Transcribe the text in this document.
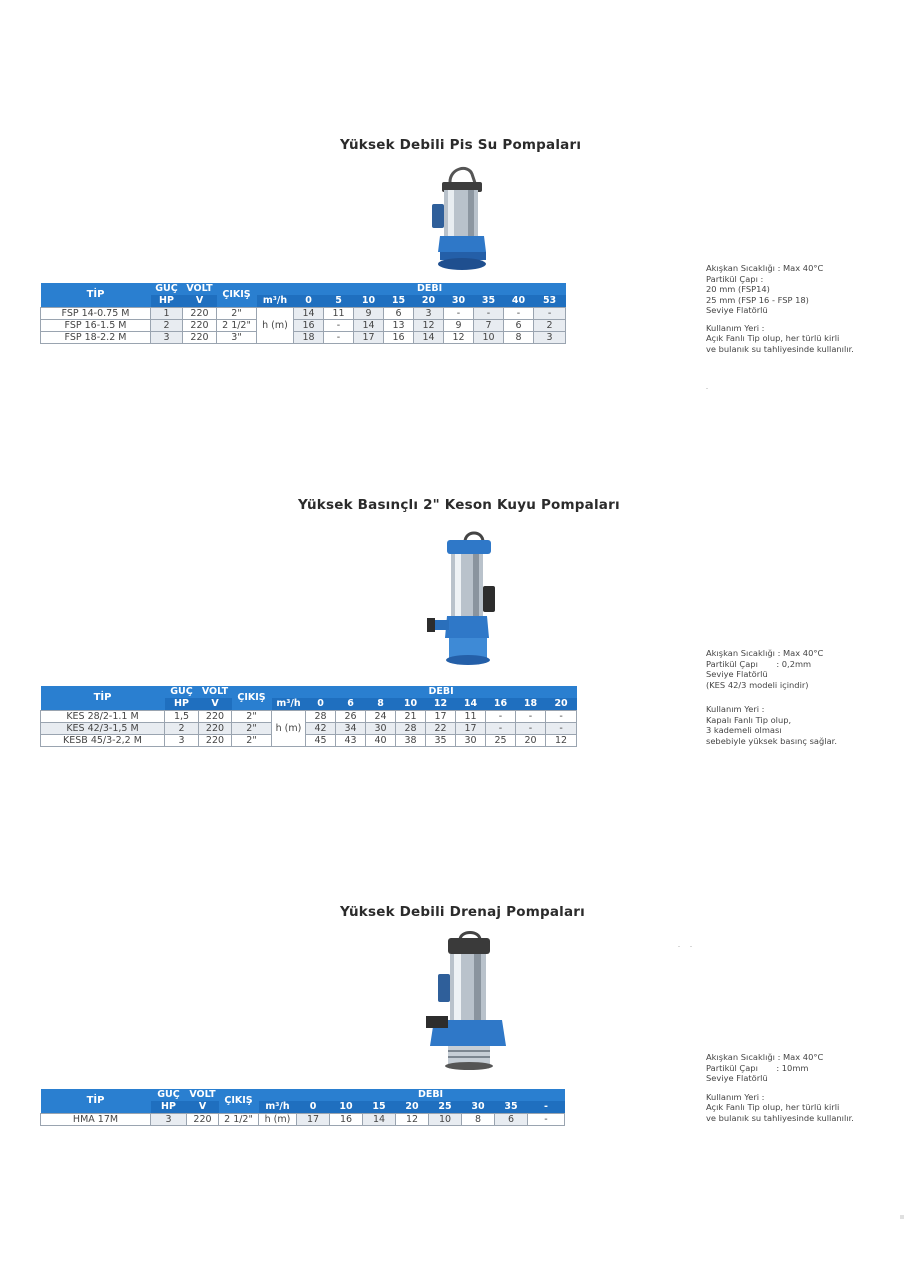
Yüksek Debili Pis Su Pompaları
TİP	GÜÇ	VOLT	ÇIKIŞ		DEBİ								
	HP	V		m³/h	0	5	10	15	20	30	35	40	53
FSP 14-0.75 M	1	220	2"	h (m)	14	11	9	6	3	-	-	-	-
FSP 16-1.5 M	2	220	2 1/2"		16	-	14	13	12	9	7	6	2
FSP 18-2.2 M	3	220	3"		18	-	17	16	14	12	10	8	3
Akışkan Sıcaklığı : Max 40°C
Partikül Çapı :
20 mm (FSP14)
25 mm (FSP 16 - FSP 18)
Seviye Flatörlü
Kullanım Yeri :
Açık Fanlı Tip olup, her türlü kirli
ve bulanık su tahliyesinde kullanılır.
Yüksek Basınçlı 2" Keson Kuyu Pompaları
TİP	GÜÇ	VOLT	ÇIKIŞ		DEBİ								
	HP	V		m³/h	0	6	8	10	12	14	16	18	20
KES 28/2-1.1 M	1,5	220	2"	h (m)	28	26	24	21	17	11	-	-	-
KES 42/3-1,5 M	2	220	2"		42	34	30	28	22	17	-	-	-
KESB 45/3-2,2 M	3	220	2"		45	43	40	38	35	30	25	20	12
Akışkan Sıcaklığı : Max 40°C
Partikül Çapı       : 0,2mm
Seviye Flatörlü
(KES 42/3 modeli içindir)
Kullanım Yeri :
Kapalı Fanlı Tip olup,
3 kademeli olması
sebebiyle yüksek basınç sağlar.
Yüksek Debili Drenaj Pompaları
TİP	GÜÇ	VOLT	ÇIKIŞ		DEBİ							
	HP	V		m³/h	0	10	15	20	25	30	35	-
HMA 17M	3	220	2 1/2"	h (m)	17	16	14	12	10	8	6	-
Akışkan Sıcaklığı : Max 40°C
Partikül Çapı       : 10mm
Seviye Flatörlü
Kullanım Yeri :
Açık Fanlı Tip olup, her türlü kirli
ve bulanık su tahliyesinde kullanılır.
